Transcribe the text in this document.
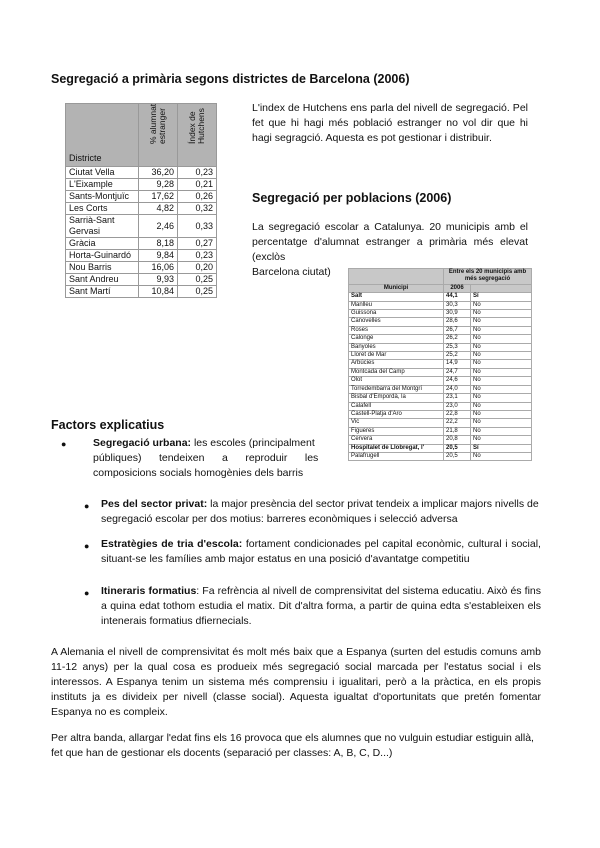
Segregació a primària segons districtes de Barcelona (2006)
Districte	% alumnat estranger	Índex de Hutchens

Ciutat Vella	36,20	0,23
L'Eixample	9,28	0,21
Sants-Montjuïc	17,62	0,26
Les Corts	4,82	0,32
Sarrià-Sant Gervasi	2,46	0,33
Gràcia	8,18	0,27
Horta-Guinardó	9,84	0,23
Nou Barris	16,06	0,20
Sant Andreu	9,93	0,25
Sant Martí	10,84	0,25

L'index de Hutchens ens parla del nivell de segregació. Pel fet que hi hagi més població estranger no vol dir que hi hagi segragció. Aquesta es pot gestionar i distribuir.

Segregació per poblacions (2006)

La segregació escolar a Catalunya. 20 municipis amb el percentatge d'alumnat estranger a primària més elevat (exclòs

Barcelona ciutat)

		Entre els 20 municipis amb més segregació	
Municipi	2006	
Salt	44,1	Sí
Manlleu	30,3	No
Guissona	30,9	No
Canovelles	28,6	No
Roses	26,7	No
Calonge	26,2	No
Banyoles	25,3	No
Lloret de Mar	25,2	No
Arbúcies	14,9	No
Montcada del Camp	24,7	No
Olot	24,6	No
Torredembarra del Montgrí	24,0	No
Bisbal d'Empordà, la	23,1	No
Calafell	23,0	No
Castell-Platja d'Aro	22,8	No
Vic	22,2	No
Figueres	21,8	No
Cervera	20,8	No
Hospitalet de Llobregat, l'	20,5	Sí
Palafrugell	20,5	No
Factors explicatius
●	Segregació urbana: les escoles (principalment
públiques)      tendeixen      a      reproduir      les
composicions socials homogènies dels barris
● Pes del sector privat: la major presència del sector privat tendeix a implicar majors nivells de segregació escolar per dos motius: barreres econòmiques i selecció adversa

● Estratègies de tria d'escola: fortament condicionades pel capital econòmic, cultural i social, situant-se les famílies amb major estatus en una posició d'avantatge competitiu

● Itineraris formatius: Fa refrència al nivell de comprensivitat del sistema educatiu. Això és fins a quina edat tothom estudia el matix. Dit d'altra forma, a partir de quina edta s'estableixen els intenerais formatius dfiernecials.

A Alemania el nivell de comprensivitat és molt més baix que a Espanya (surten del estudis comuns amb 11-12 anys) per la qual cosa es produeix més segregació social marcada per l'estatus social i els interessos. A Espanya tenim un sistema més comprensiu i igualitari, però a la pràctica, en els propis instituts ja es divideix per nivell (classe social). Aquesta igualtat d'oportunitats que pretén fomentar Espanya no es compleix.

Per altra banda, allargar l'edat fins els 16 provoca que els alumnes que no vulguin estudiar estiguin allà, fet que han de gestionar els docents (separació per classes: A, B, C, D...)
